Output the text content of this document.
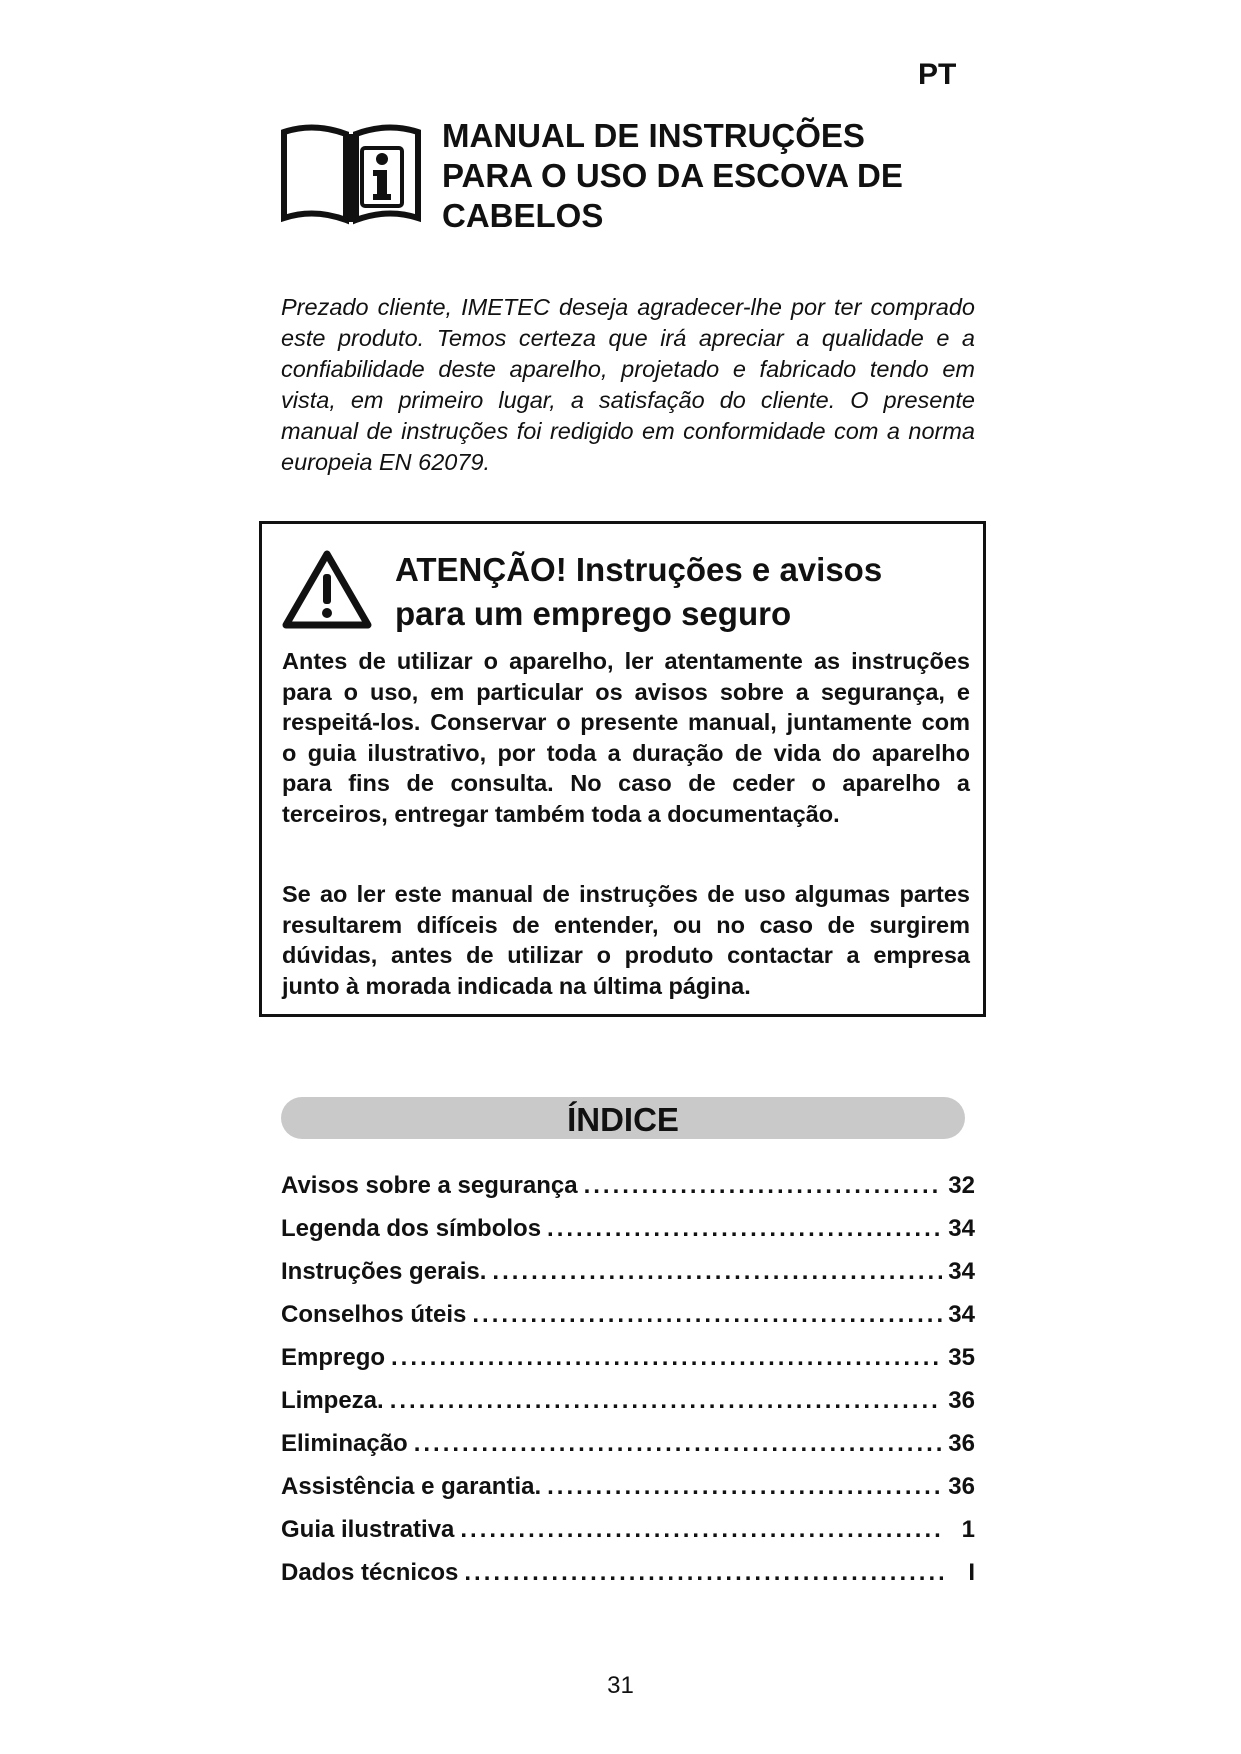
PT
MANUAL DE INSTRUÇÕES
PARA O USO DA ESCOVA DE
CABELOS

Prezado cliente, IMETEC deseja agradecer-lhe por ter comprado este produto. Temos certeza que irá apreciar a qualidade e a confiabilidade deste aparelho, projetado e fabricado tendo em vista, em primeiro lugar, a satisfação do cliente. O presente manual de instruções foi redigido em conformidade com a norma europeia EN 62079.

ATENÇÃO! Instruções e avisos
para um emprego seguro

Antes de utilizar o aparelho, ler atentamente as instruções para o uso, em particular os avisos sobre a segurança, e respeitá-los. Conservar o presente manual, juntamente com o guia ilustrativo, por toda a duração de vida do aparelho para fins de consulta. No caso de ceder o aparelho a terceiros, entregar também toda a documentação.

Se ao ler este manual de instruções de uso algumas partes resultarem difíceis de entender, ou no caso de surgirem dúvidas, antes de utilizar o produto contactar a empresa junto à morada indicada na última página.

ÍNDICE
Avisos sobre a segurança .....	32
Legenda dos símbolos .....	34
Instruções gerais. .....	34
Conselhos úteis .....	34
Emprego .....	35
Limpeza. .....	36
Eliminação .....	36
Assistência e garantia. .....	36
Guia ilustrativa .....	1
Dados técnicos .....	I
31
